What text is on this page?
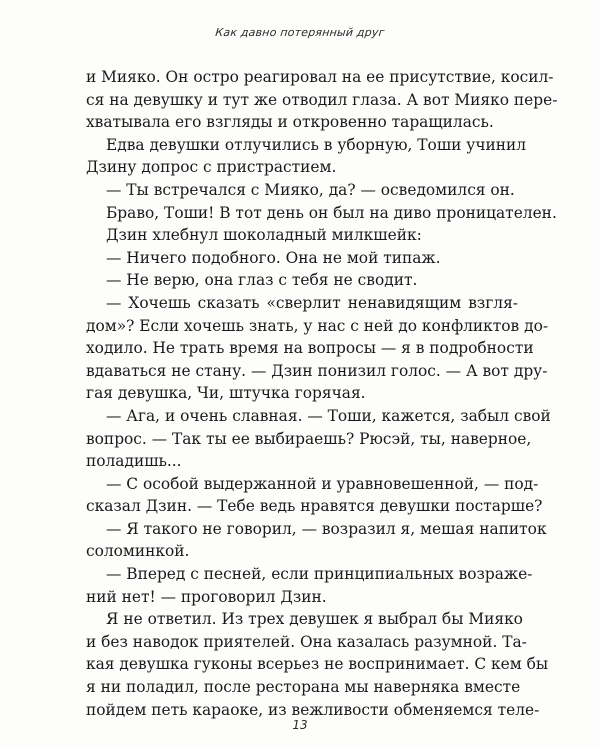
Как давно потерянный друг
и Мияко. Он остро реагировал на ее присутствие, косил-
ся на девушку и тут же отводил глаза. А вот Мияко пере-
хватывала его взгляды и откровенно таращилась.
Едва девушки отлучились в уборную, Тоши учинил
Дзину допрос с пристрастием.
— Ты встречался с Мияко, да? — осведомился он.
Браво, Тоши! В тот день он был на диво проницателен.
Дзин хлебнул шоколадный милкшейк:
— Ничего подобного. Она не мой типаж.
— Не верю, она глаз с тебя не сводит.
— Хочешь сказать «сверлит ненавидящим взгля-
дом»? Если хочешь знать, у нас с ней до конфликтов до-
ходило. Не трать время на вопросы — я в подробности
вдаваться не стану. — Дзин понизил голос. — А вот дру-
гая девушка, Чи, штучка горячая.
— Ага, и очень славная. — Тоши, кажется, забыл свой
вопрос. — Так ты ее выбираешь? Рюсэй, ты, наверное,
поладишь...
— С особой выдержанной и уравновешенной, — под-
сказал Дзин. — Тебе ведь нравятся девушки постарше?
— Я такого не говорил, — возразил я, мешая напиток
соломинкой.
— Вперед с песней, если принципиальных возраже-
ний нет! — проговорил Дзин.
Я не ответил. Из трех девушек я выбрал бы Мияко
и без наводок приятелей. Она казалась разумной. Та-
кая девушка гуконы всерьез не воспринимает. С кем бы
я ни поладил, после ресторана мы наверняка вместе
пойдем петь караоке, из вежливости обменяемся теле-
13
